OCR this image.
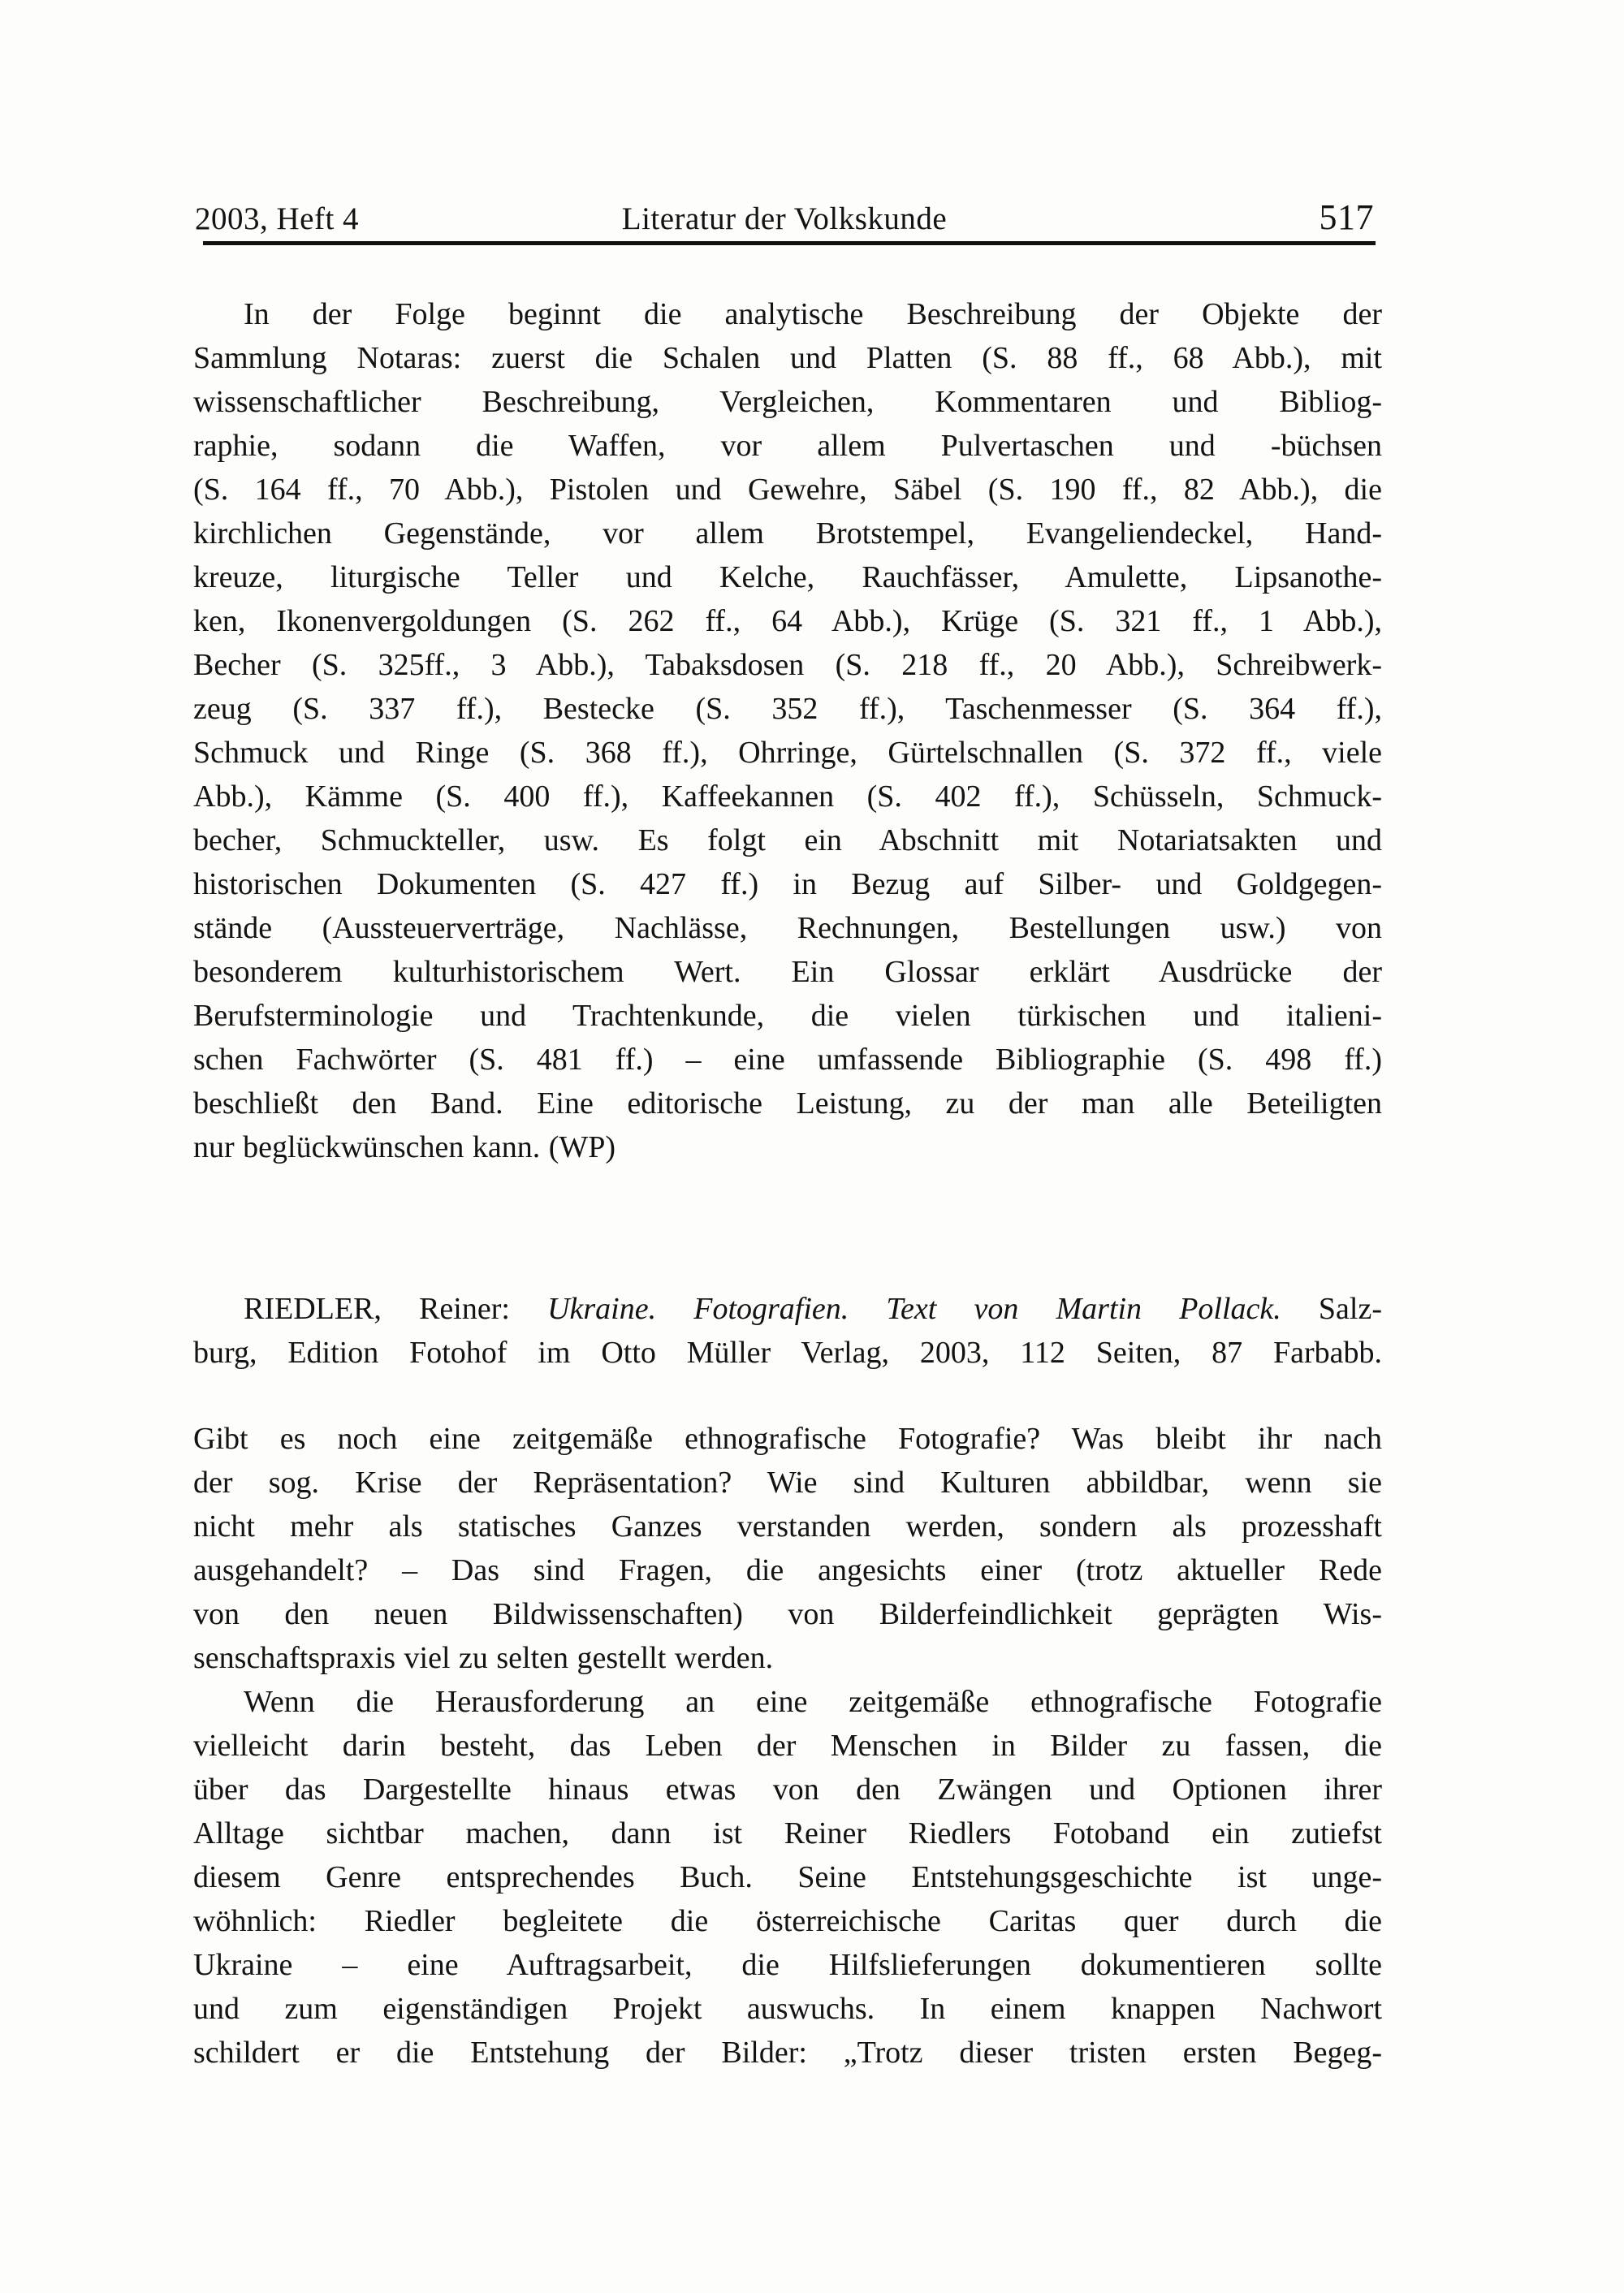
2003, Heft 4	Literatur der Volkskunde	517
In der Folge beginnt die analytische Beschreibung der Objekte der
Sammlung Notaras: zuerst die Schalen und Platten (S. 88 ff., 68 Abb.), mit
wissenschaftlicher Beschreibung, Vergleichen, Kommentaren und Bibliog-
raphie, sodann die Waffen, vor allem Pulvertaschen und -büchsen
(S. 164 ff., 70 Abb.), Pistolen und Gewehre, Säbel (S. 190 ff., 82 Abb.), die
kirchlichen Gegenstände, vor allem Brotstempel, Evangeliendeckel, Hand-
kreuze, liturgische Teller und Kelche, Rauchfässer, Amulette, Lipsanothe-
ken, Ikonenvergoldungen (S. 262 ff., 64 Abb.), Krüge (S. 321 ff., 1 Abb.),
Becher (S. 325ff., 3 Abb.), Tabaksdosen (S. 218 ff., 20 Abb.), Schreibwerk-
zeug (S. 337 ff.), Bestecke (S. 352 ff.), Taschenmesser (S. 364 ff.),
Schmuck und Ringe (S. 368 ff.), Ohrringe, Gürtelschnallen (S. 372 ff., viele
Abb.), Kämme (S. 400 ff.), Kaffeekannen (S. 402 ff.), Schüsseln, Schmuck-
becher, Schmuckteller, usw. Es folgt ein Abschnitt mit Notariatsakten und
historischen Dokumenten (S. 427 ff.) in Bezug auf Silber- und Goldgegen-
stände (Aussteuerverträge, Nachlässe, Rechnungen, Bestellungen usw.) von
besonderem kulturhistorischem Wert. Ein Glossar erklärt Ausdrücke der
Berufsterminologie und Trachtenkunde, die vielen türkischen und italieni-
schen Fachwörter (S. 481 ff.) – eine umfassende Bibliographie (S. 498 ff.)
beschließt den Band. Eine editorische Leistung, zu der man alle Beteiligten
nur beglückwünschen kann. (WP)
RIEDLER, Reiner: Ukraine. Fotografien. Text von Martin Pollack. Salz-
burg, Edition Fotohof im Otto Müller Verlag, 2003, 112 Seiten, 87 Farbabb.
Gibt es noch eine zeitgemäße ethnografische Fotografie? Was bleibt ihr nach
der sog. Krise der Repräsentation? Wie sind Kulturen abbildbar, wenn sie
nicht mehr als statisches Ganzes verstanden werden, sondern als prozesshaft
ausgehandelt? – Das sind Fragen, die angesichts einer (trotz aktueller Rede
von den neuen Bildwissenschaften) von Bilderfeindlichkeit geprägten Wis-
senschaftspraxis viel zu selten gestellt werden.
Wenn die Herausforderung an eine zeitgemäße ethnografische Fotografie
vielleicht darin besteht, das Leben der Menschen in Bilder zu fassen, die
über das Dargestellte hinaus etwas von den Zwängen und Optionen ihrer
Alltage sichtbar machen, dann ist Reiner Riedlers Fotoband ein zutiefst
diesem Genre entsprechendes Buch. Seine Entstehungsgeschichte ist unge-
wöhnlich: Riedler begleitete die österreichische Caritas quer durch die
Ukraine – eine Auftragsarbeit, die Hilfslieferungen dokumentieren sollte
und zum eigenständigen Projekt auswuchs. In einem knappen Nachwort
schildert er die Entstehung der Bilder: „Trotz dieser tristen ersten Begeg-
